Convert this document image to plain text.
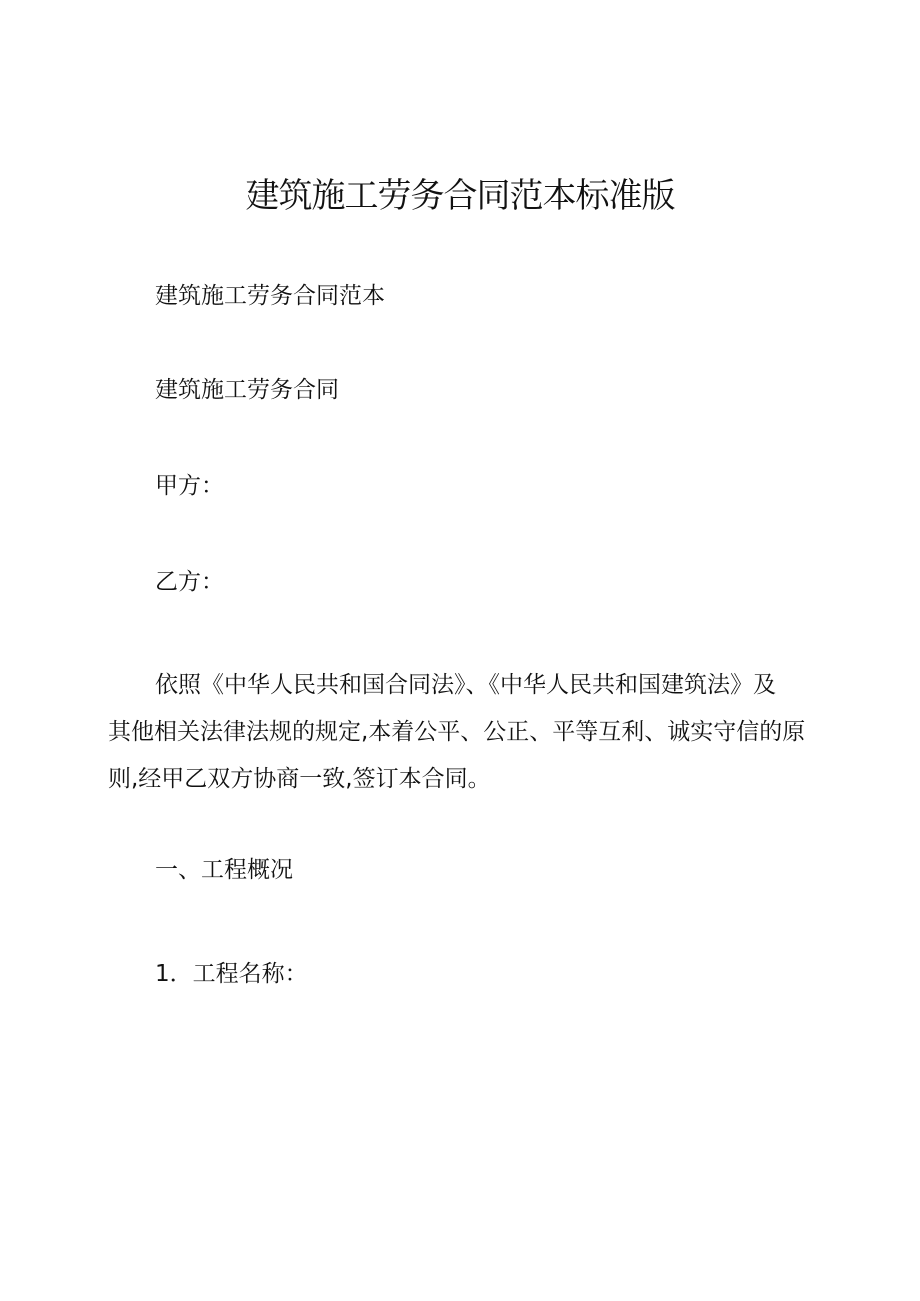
建筑施工劳务合同范本标准版
建筑施工劳务合同范本
建筑施工劳务合同
甲方：
乙方：
依照《中华人民共和国合同法》、《中华人民共和国建筑法》及
其他相关法律法规的规定,本着公平、公正、平等互利、诚实守信的原
则,经甲乙双方协商一致,签订本合同。
一、工程概况
1．工程名称：
